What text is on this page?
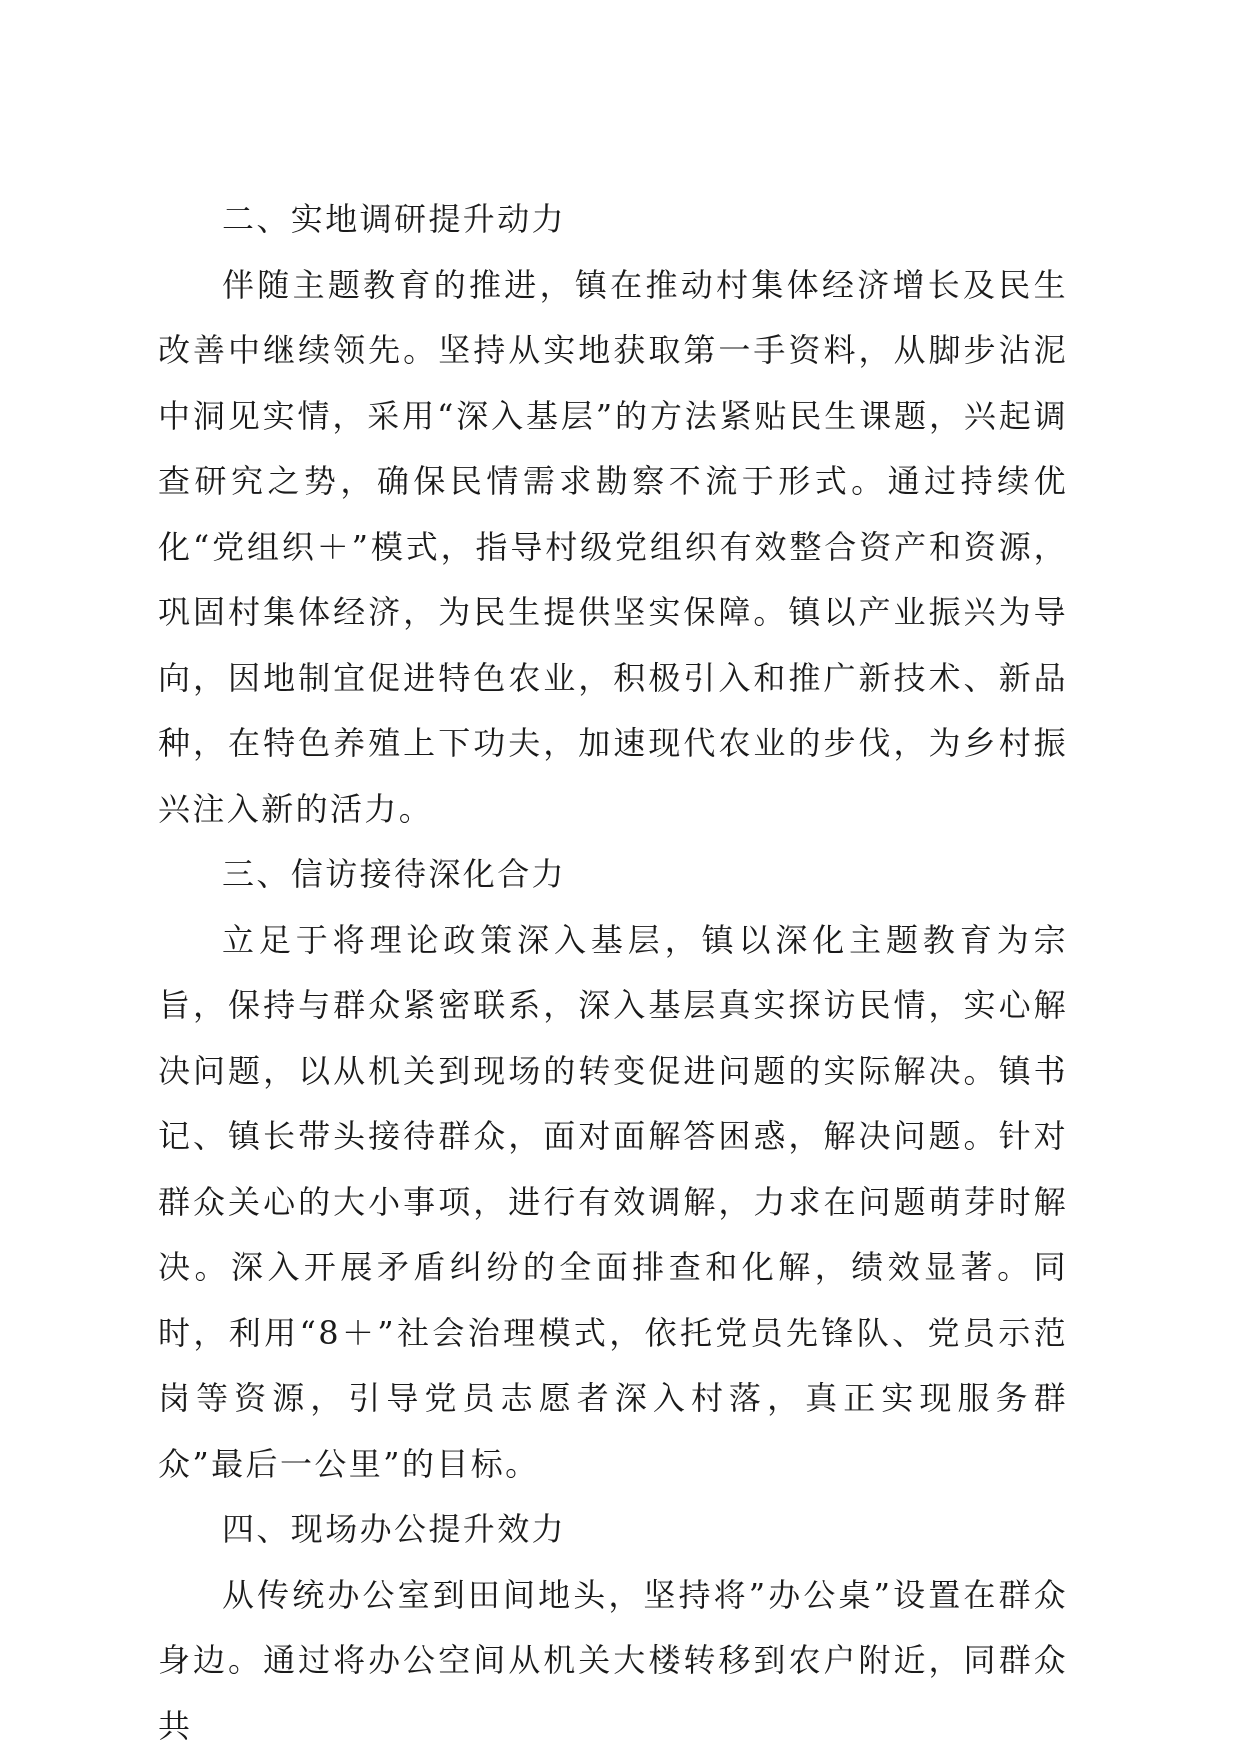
二、实地调研提升动力

伴随主题教育的推进，镇在推动村集体经济增长及民生改善中继续领先。坚持从实地获取第一手资料，从脚步沾泥中洞见实情，采用“深入基层”的方法紧贴民生课题，兴起调查研究之势，确保民情需求勘察不流于形式。通过持续优化“党组织＋”模式，指导村级党组织有效整合资产和资源，巩固村集体经济，为民生提供坚实保障。镇以产业振兴为导向，因地制宜促进特色农业，积极引入和推广新技术、新品种，在特色养殖上下功夫，加速现代农业的步伐，为乡村振兴注入新的活力。

三、信访接待深化合力

立足于将理论政策深入基层，镇以深化主题教育为宗旨，保持与群众紧密联系，深入基层真实探访民情，实心解决问题，以从机关到现场的转变促进问题的实际解决。镇书记、镇长带头接待群众，面对面解答困惑，解决问题。针对群众关心的大小事项，进行有效调解，力求在问题萌芽时解决。深入开展矛盾纠纷的全面排查和化解，绩效显著。同时，利用“8＋”社会治理模式，依托党员先锋队、党员示范岗等资源，引导党员志愿者深入村落，真正实现服务群众”最后一公里”的目标。

四、现场办公提升效力

从传统办公室到田间地头，坚持将”办公桌”设置在群众身边。通过将办公空间从机关大楼转移到农户附近，同群众共
